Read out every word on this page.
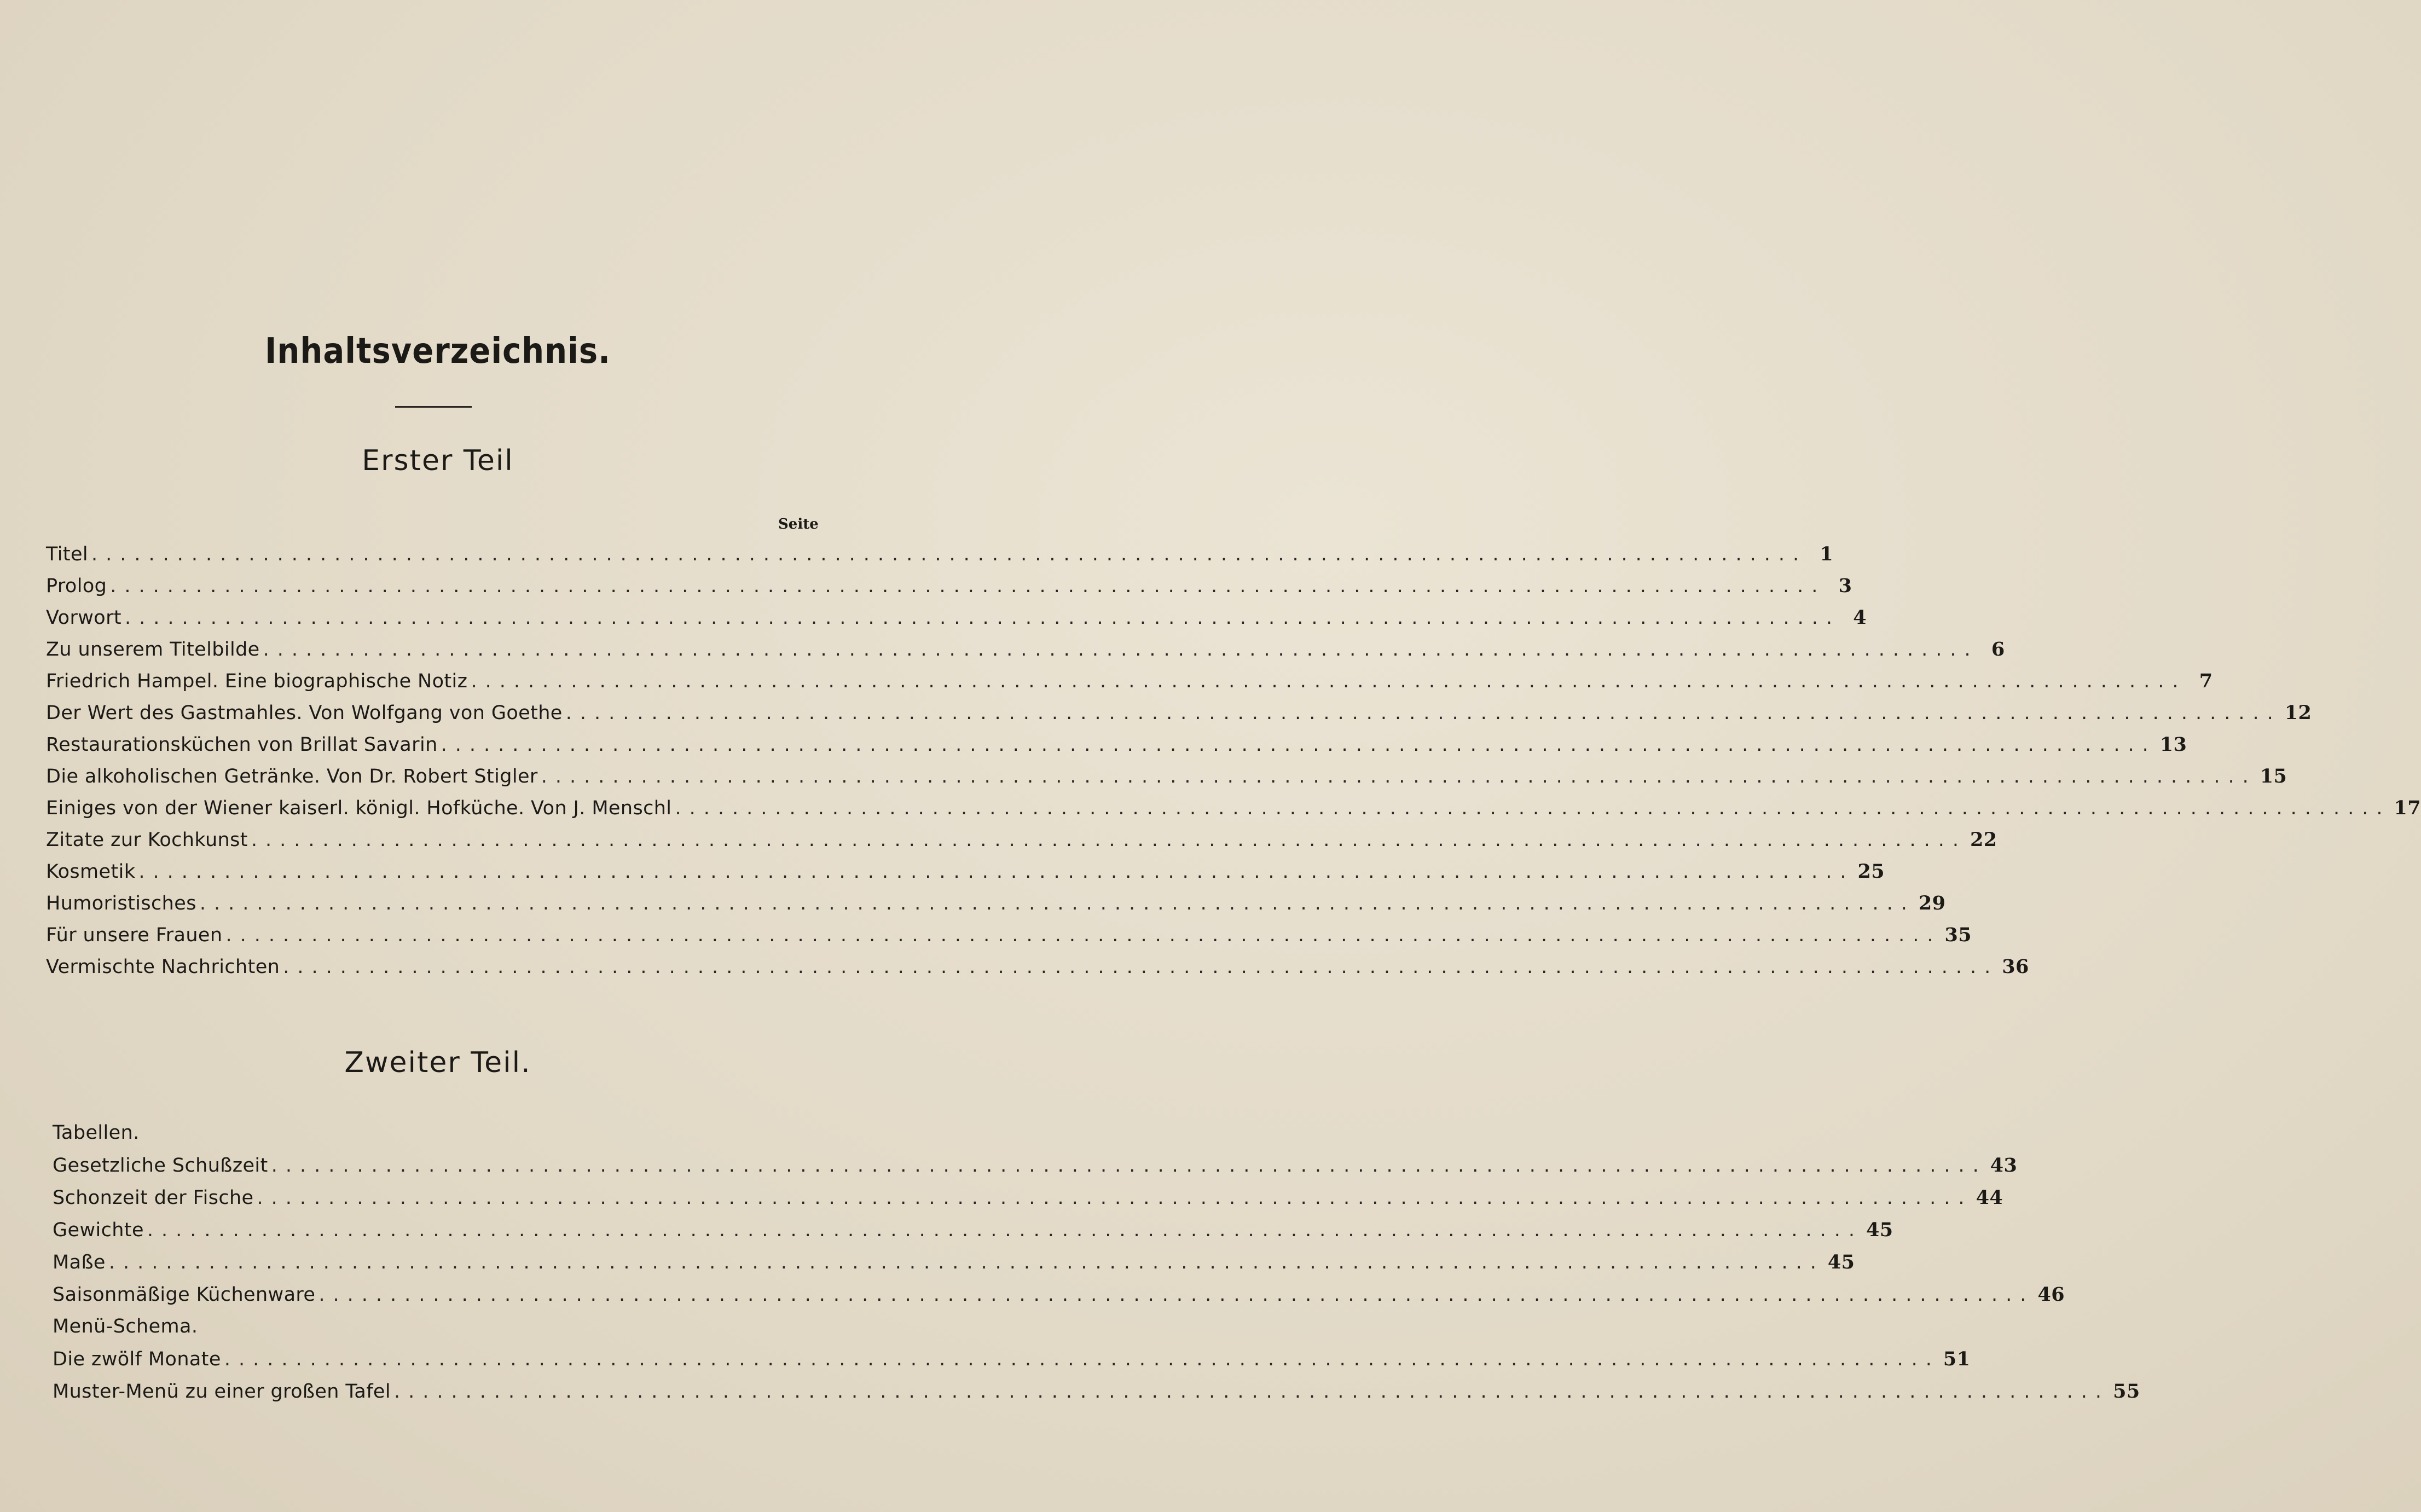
Inhaltsverzeichnis.
Erster Teil
Seite
Titel ........................................................................................................................ 1
Prolog ........................................................................................................................ 3
Vorwort ........................................................................................................................ 4
Zu unserem Titelbilde ........................................................................................................................ 6
Friedrich Hampel. Eine biographische Notiz ........................................................................................................................ 7
Der Wert des Gastmahles. Von Wolfgang von Goethe ........................................................................................................................ 12
Restaurationsküchen von Brillat Savarin ........................................................................................................................ 13
Die alkoholischen Getränke. Von Dr. Robert Stigler ........................................................................................................................ 15
Einiges von der Wiener kaiserl. königl. Hofküche. Von J. Menschl ........................................................................................................................ 17
Zitate zur Kochkunst ........................................................................................................................ 22
Kosmetik ........................................................................................................................ 25
Humoristisches ........................................................................................................................ 29
Für unsere Frauen ........................................................................................................................ 35
Vermischte Nachrichten ........................................................................................................................ 36
Zweiter Teil.
Tabellen.
Gesetzliche Schußzeit ........................................................................................................................ 43
Schonzeit der Fische ........................................................................................................................ 44
Gewichte ........................................................................................................................ 45
Maße ........................................................................................................................ 45
Saisonmäßige Küchenware ........................................................................................................................ 46
Menü-Schema.
Die zwölf Monate ........................................................................................................................ 51
Muster-Menü zu einer großen Tafel ........................................................................................................................ 55
